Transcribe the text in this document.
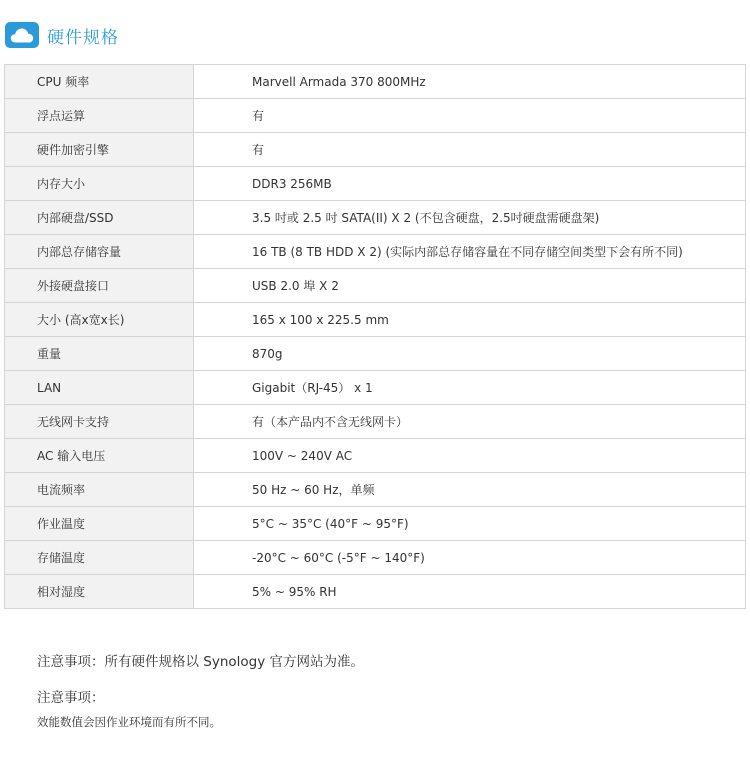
硬件规格
CPU 频率	Marvell Armada 370 800MHz
浮点运算	有
硬件加密引擎	有
内存大小	DDR3 256MB
内部硬盘/SSD	3.5 吋或 2.5 吋 SATA(II) X 2 (不包含硬盘，2.5吋硬盘需硬盘架)
内部总存储容量	16 TB (8 TB HDD X 2) (实际内部总存储容量在不同存储空间类型下会有所不同)
外接硬盘接口	USB 2.0 埠 X 2
大小 (高x宽x长)	165 x 100 x 225.5 mm
重量	870g
LAN	Gigabit（RJ-45） x 1
无线网卡支持	有（本产品内不含无线网卡）
AC 输入电压	100V ~ 240V AC
电流频率	50 Hz ~ 60 Hz，单频
作业温度	5°C ~ 35°C (40°F ~ 95°F)
存储温度	-20°C ~ 60°C (-5°F ~ 140°F)
相对湿度	5% ~ 95% RH

注意事项：所有硬件规格以 Synology 官方网站为准。

注意事项：

效能数值会因作业环境而有所不同。
